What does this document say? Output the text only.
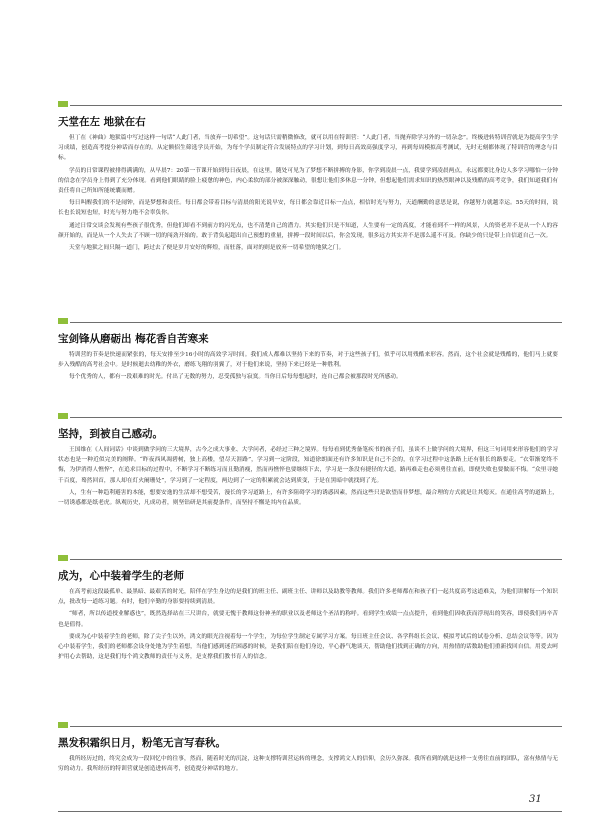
天堂在左 地狱在右

但丁在《神曲》地狱篇中写过这样一句话“人此门者，当放弃一切希望”。这句话只需稍微修改，就可以用在特训营：“人此门者，当抛弃除学习外的一切杂念”。终极进转特训营就是为提高学生学习成绩，创造高考提分神话而存在的。从定额招生筛选学员开始，为每个学员制定符合发展特点的学习计划，到每日高效高强度学习，再到每周模拟高考测试，无时无刻都体现了特训营的理念与目标。

学员的日常课程被排得满满的，从早晨7：20第一节课开始到每日夜晨，在这里，随处可见为了梦想不断拼搏的身影，你学到凌晨一点，我要学到凌晨两点，永远都要比身边人多学习哪怕一分钟的信念在学员身上得到了充分体现。看到他们眼睛的脸上疲惫的神色，内心柔软的部分被深深触动，很想让他们多休息一分钟，但想起他们需求知识的热烈眼神以及残酷的高考竞争，我们知道我们有责任将自己所知所能统囊而赠。

每日叫醒我们的不是闹钟，而是梦想和责任。每日都会带着目标与清晨的阳光说早安，每日都会靠近目标一点点，相信时光与努力，天道酬勤的意思是说，你越努力就越幸运。55天的时间，说长也长说短也短，时光与努力绝不会辜负你。

通过日常交谈会发现有些孩子很优秀，但他们却看不到前方的闪光点，也不清楚自己的潜力。其实他们只是不知道，人生要有一定的高度，才能看到不一样的风景，人的资老并不是从一个人的容颜开始的，而是从一个人失去了不顾一切的闯劲开始的。敢于背负起超出自己预想的重量，拼搏一段时间以后，你会发现，很多远方其实并不是那么遥不可及。你缺少的只是带上自信道自己一次。

天堂与地狱之间只隔一道门，跨过去了便是岁月安好的辉煌，而驻落，面对的则是放弃一切希望的地狱之门。

宝剑锋从磨砺出 梅花香自苦寒来

特训营的节奏是快速而紧张的，每天安排至少16小时的高效学习时间。我们成人都难以坚持下来的节奏，对于这些孩子们，似乎可以用残酷来形容。然而，这个社会就是残酷的，他们马上就要步入残酷的高考社会中。是时候逝去幼稚的外衣，磨练飞翔的羽翼了，对于他们来说，坚持下来已经是一种胜利。

每个优秀的人，都有一段艰难的时光。付出了无数的努力，忍受孤独与寂寞。当你日后每每想起时，连自己都会被那段时光所感动。

坚持，到被自己感动。

王国维在《人间词话》中谈到做学问的三大境界，古今之成大事业、大学问者，必经过三种之境界。每每看到优秀备笔疾书的孩子们，虽谈不上做学问的大境界，但这三句词用来形容他们的学习状态也是一种近似完美的阐释。“昨夜西风凋碧树，独上高楼，望尽天涯路”，学习到一定阶段，知道徐朗面还有许多知识是自己不会的，在学习过程中这条路上还有很长的路要走。“衣带渐宽终不悔，为伊消得人憔悴”，在追求目标的过程中，不断学习不断练习而且勤消瘦，然而再憔悴也要继续下去，学习是一条没有捷径的大道，路再难走也必须勇往直前，即便失败也要做而不悔。“众里寻她千百度，蓦然回首，那人却在灯火阑珊处”，学习到了一定程度，两边到了一定的积累就会达到质变，于是在黑暗中就找到了光。

人，生有一种趋利避害的本能，想要安逸的生活却不想受苦，漫长的学习道路上，有许多阻碍学习的诱惑因素，然而这些只是欲望而非梦想，最合理的方式就是让其熄灭。在通往高考的道路上，一切诱惑都是纸老虎。纵观历史，凡成功者，则坚钻研是其前提条件，而坚持不懈是其内在品质。

成为，心中装着学生的老师

在高考前这段最孤单、最黑暗、最艰苦的时光，陪伴在学生身边的是我们的班主任、副班主任、讲师以及助教等教师。我们许多老师都在和孩子们一起共度高考这道难关，为他们讲解每一个知识点，批改每一道练习题。有时，他们辛勤的身影要持续到清晨。

“师者，所以传道授业解惑也”，既然选择站在三尺讲台，就要无愧于教师这份神圣的职业以及老师这个圣洁的称呼。看到学生成绩一点点提升，看到他们因收获而浮现出的笑容，即使我们再辛苦也是值得。

要成为心中装着学生的老师，除了尖子生以外，鸿文的眼光注视着每一个学生，为每位学生制定专属学习方案。每日班主任会议、各学科组长会议、模拟考试后的试卷分析、总结会议等等。因为心中装着学生，我们的老师都会设身处地为学生着想，当他们感到迷茫困惑的时候，是我们陪在他们身边，平心静气地谈天，帮助他们找到正确的方向，用热情的话数助他们重新找回自信。用爱去呵护用心去帮助，这是我们每个鸿文教师的责任与义务，是支撑我们教书育人的信念。

黑发积霜织日月，粉笔无言写春秋。

我所经历过的，终究会成为一段回忆中的往事，然而，随着时光的沉淀，这种支撑特训营运转的理念，支撑鸿文人的信仰，会历久弥深。我所看到的就是这样一支勇往直前的团队，富有热情与无穷的动力。我所经历的特训营就是创造进转高考，创造提分神话的地方。

31
